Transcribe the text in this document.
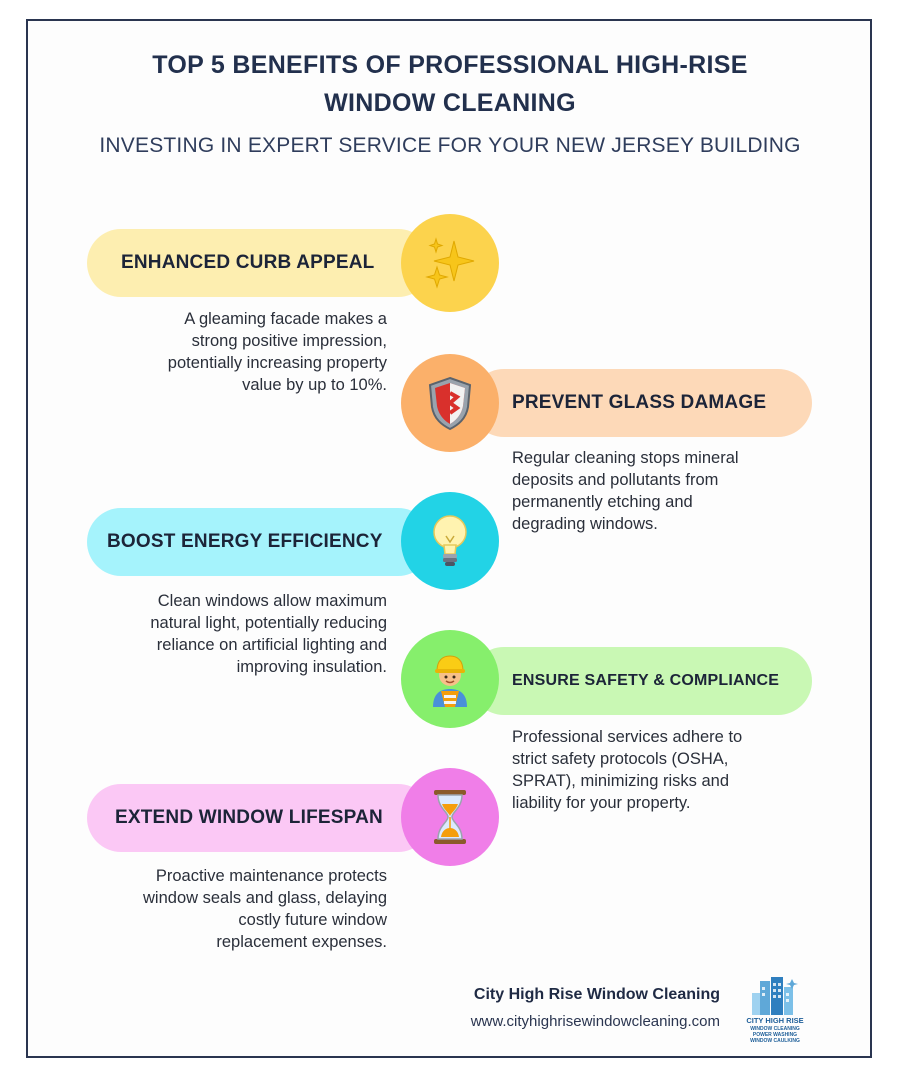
TOP 5 BENEFITS OF PROFESSIONAL HIGH-RISE
WINDOW CLEANING

INVESTING IN EXPERT SERVICE FOR YOUR NEW JERSEY BUILDING

ENHANCED CURB APPEAL

A gleaming facade makes a
strong positive impression,
potentially increasing property
value by up to 10%.

PREVENT GLASS DAMAGE

Regular cleaning stops mineral
deposits and pollutants from
permanently etching and
degrading windows.

BOOST ENERGY EFFICIENCY

Clean windows allow maximum
natural light, potentially reducing
reliance on artificial lighting and
improving insulation.

ENSURE SAFETY & COMPLIANCE

Professional services adhere to
strict safety protocols (OSHA,
SPRAT), minimizing risks and
liability for your property.

EXTEND WINDOW LIFESPAN

Proactive maintenance protects
window seals and glass, delaying
costly future window
replacement expenses.

City High Rise Window Cleaning
www.cityhighrisewindowcleaning.com	CITY HIGH RISE
WINDOW CLEANING
POWER WASHING
WINDOW CAULKING
